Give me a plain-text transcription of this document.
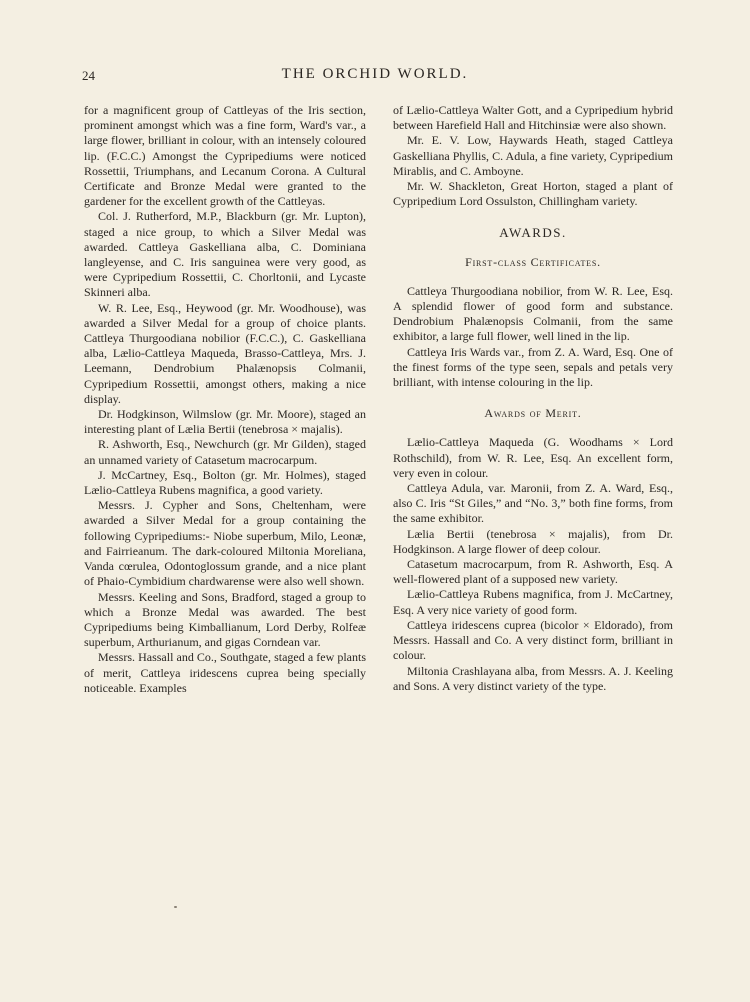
24	THE ORCHID WORLD.

for a magnificent group of Cattleyas of the Iris section, prominent amongst which was a fine form, Ward's var., a large flower, brilliant in colour, with an intensely coloured lip. (F.C.C.) Amongst the Cypripediums were noticed Rossettii, Triumphans, and Lecanum Corona. A Cultural Certificate and Bronze Medal were granted to the gardener for the excellent growth of the Cattleyas.

Col. J. Rutherford, M.P., Blackburn (gr. Mr. Lupton), staged a nice group, to which a Silver Medal was awarded. Cattleya Gaskelliana alba, C. Dominiana langleyense, and C. Iris sanguinea were very good, as were Cypripedium Rossettii, C. Chorltonii, and Lycaste Skinneri alba.

W. R. Lee, Esq., Heywood (gr. Mr. Woodhouse), was awarded a Silver Medal for a group of choice plants. Cattleya Thurgoodiana nobilior (F.C.C.), C. Gaskelliana alba, Lælio-Cattleya Maqueda, Brasso-Cattleya, Mrs. J. Leemann, Dendrobium Phalænopsis Colmanii, Cypripedium Rossettii, amongst others, making a nice display.

Dr. Hodgkinson, Wilmslow (gr. Mr. Moore), staged an interesting plant of Lælia Bertii (tenebrosa × majalis).

R. Ashworth, Esq., Newchurch (gr. Mr Gilden), staged an unnamed variety of Catasetum macrocarpum.

J. McCartney, Esq., Bolton (gr. Mr. Holmes), staged Lælio-Cattleya Rubens magnifica, a good variety.

Messrs. J. Cypher and Sons, Cheltenham, were awarded a Silver Medal for a group containing the following Cypripediums:- Niobe superbum, Milo, Leonæ, and Fairrieanum. The dark-coloured Miltonia Moreliana, Vanda cœrulea, Odontoglossum grande, and a nice plant of Phaio-Cymbidium chardwarense were also well shown.

Messrs. Keeling and Sons, Bradford, staged a group to which a Bronze Medal was awarded. The best Cypripediums being Kimballianum, Lord Derby, Rolfeæ superbum, Arthurianum, and gigas Corndean var.

Messrs. Hassall and Co., Southgate, staged a few plants of merit, Cattleya iridescens cuprea being specially noticeable. Examples

of Lælio-Cattleya Walter Gott, and a Cypripedium hybrid between Harefield Hall and Hitchinsiæ were also shown.

Mr. E. V. Low, Haywards Heath, staged Cattleya Gaskelliana Phyllis, C. Adula, a fine variety, Cypripedium Mirablis, and C. Amboyne.

Mr. W. Shackleton, Great Horton, staged a plant of Cypripedium Lord Ossulston, Chillingham variety.

AWARDS.
First-class Certificates.

Cattleya Thurgoodiana nobilior, from W. R. Lee, Esq. A splendid flower of good form and substance. Dendrobium Phalænopsis Colmanii, from the same exhibitor, a large full flower, well lined in the lip.

Cattleya Iris Wards var., from Z. A. Ward, Esq. One of the finest forms of the type seen, sepals and petals very brilliant, with intense colouring in the lip.

Awards of Merit.

Lælio-Cattleya Maqueda (G. Woodhams × Lord Rothschild), from W. R. Lee, Esq. An excellent form, very even in colour.

Cattleya Adula, var. Maronii, from Z. A. Ward, Esq., also C. Iris “St Giles,” and “No. 3,” both fine forms, from the same exhibitor.

Lælia Bertii (tenebrosa × majalis), from Dr. Hodgkinson. A large flower of deep colour.

Catasetum macrocarpum, from R. Ashworth, Esq. A well-flowered plant of a supposed new variety.

Lælio-Cattleya Rubens magnifica, from J. McCartney, Esq. A very nice variety of good form.

Cattleya iridescens cuprea (bicolor × Eldorado), from Messrs. Hassall and Co. A very distinct form, brilliant in colour.

Miltonia Crashlayana alba, from Messrs. A. J. Keeling and Sons. A very distinct variety of the type.
